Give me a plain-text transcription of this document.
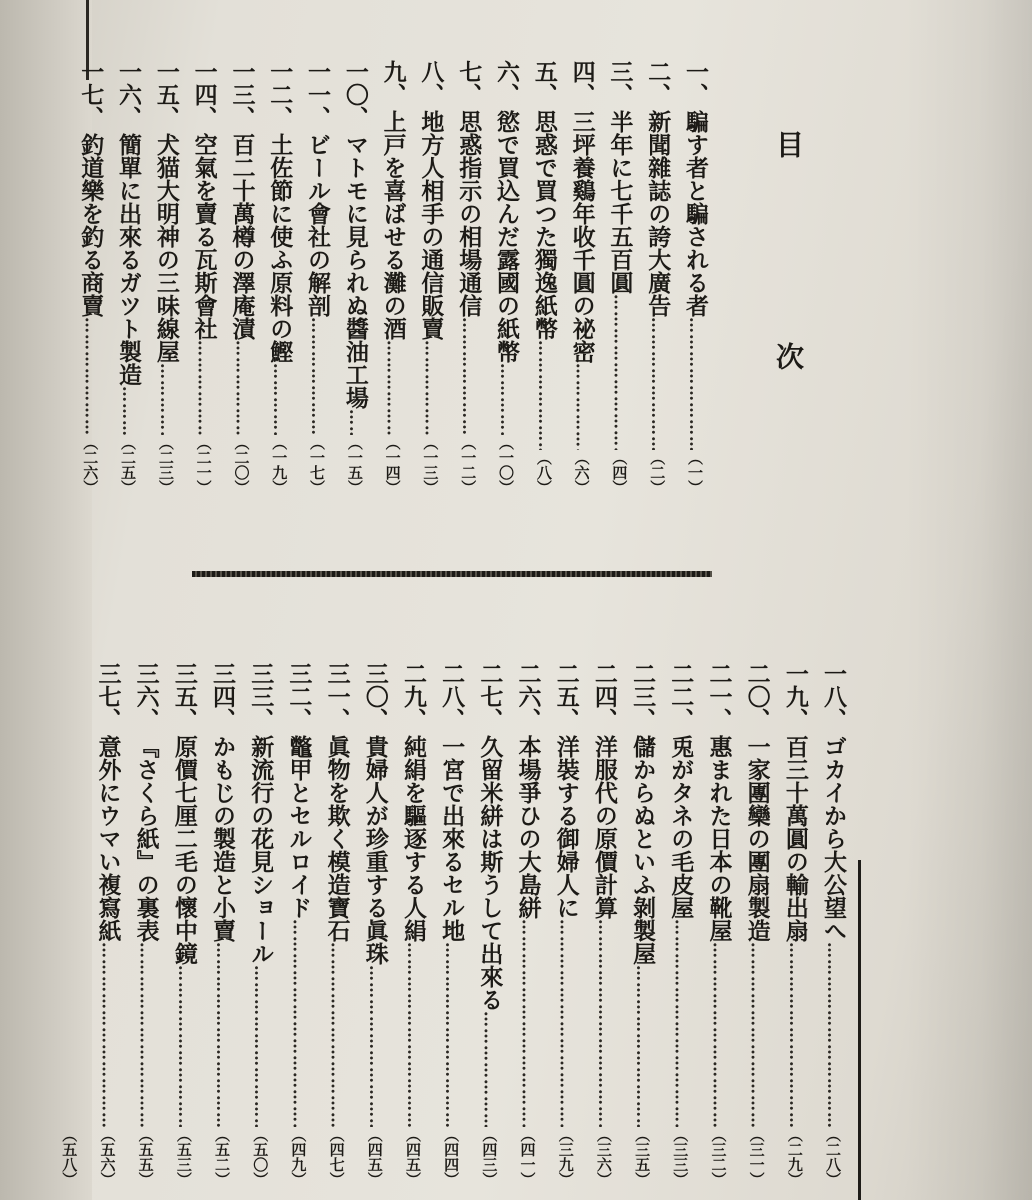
目　次
一、
騙す者と騙される者
……………………………………………………………………………………………………
（一）
二、
新聞雜誌の誇大廣告
……………………………………………………………………………………………………
（二）
三、
半年に七千五百圓
……………………………………………………………………………………………………
（四）
四、
三坪養鷄年收千圓の祕密
……………………………………………………………………………………………………
（六）
五、
思惑で買つた獨逸紙幣
……………………………………………………………………………………………………
（八）
六、
慾で買込んだ露國の紙幣
……………………………………………………………………………………………………
（一〇）
七、
思惑指示の相場通信
……………………………………………………………………………………………………
（一二）
八、
地方人相手の通信販賣
……………………………………………………………………………………………………
（一三）
九、
上戸を喜ばせる灘の酒
……………………………………………………………………………………………………
（一四）
一〇、
マトモに見られぬ醬油工場
……………………………………………………………………………………………………
（一五）
一一、
ビール會社の解剖
……………………………………………………………………………………………………
（一七）
一二、
土佐節に使ふ原料の鰹
……………………………………………………………………………………………………
（一九）
一三、
百二十萬樽の澤庵漬
……………………………………………………………………………………………………
（二〇）
一四、
空氣を賣る瓦斯會社
……………………………………………………………………………………………………
（二一）
一五、
犬猫大明神の三味線屋
……………………………………………………………………………………………………
（二三）
一六、
簡單に出來るガツト製造
……………………………………………………………………………………………………
（二五）
一七、
釣道樂を釣る商賣
……………………………………………………………………………………………………
（二六）
一八、
ゴカイから大公望へ
……………………………………………………………………………………………………
（二八）
一九、
百三十萬圓の輸出扇
……………………………………………………………………………………………………
（二九）
二〇、
一家團欒の團扇製造
……………………………………………………………………………………………………
（三一）
二一、
惠まれた日本の靴屋
……………………………………………………………………………………………………
（三二）
二二、
兎がタネの毛皮屋
……………………………………………………………………………………………………
（三三）
二三、
儲からぬといふ剝製屋
……………………………………………………………………………………………………
（三五）
二四、
洋服代の原價計算
……………………………………………………………………………………………………
（三六）
二五、
洋裝する御婦人に
……………………………………………………………………………………………………
（三九）
二六、
本場爭ひの大島絣
……………………………………………………………………………………………………
（四一）
二七、
久留米絣は斯うして出來る
……………………………………………………………………………………………………
（四三）
二八、
一宮で出來るセル地
……………………………………………………………………………………………………
（四四）
二九、
純絹を驅逐する人絹
……………………………………………………………………………………………………
（四五）
三〇、
貴婦人が珍重する眞珠
……………………………………………………………………………………………………
（四五）
三一、
眞物を欺く模造寶石
……………………………………………………………………………………………………
（四七）
三二、
鼈甲とセルロイド
……………………………………………………………………………………………………
（四九）
三三、
新流行の花見ショール
……………………………………………………………………………………………………
（五〇）
三四、
かもじの製造と小賣
……………………………………………………………………………………………………
（五二）
三五、
原價七厘二毛の懷中鏡
……………………………………………………………………………………………………
（五三）
三六、
『さくら紙』の裏表
……………………………………………………………………………………………………
（五五）
三七、
意外にウマい複寫紙
……………………………………………………………………………………………………
（五六）
（五八）
